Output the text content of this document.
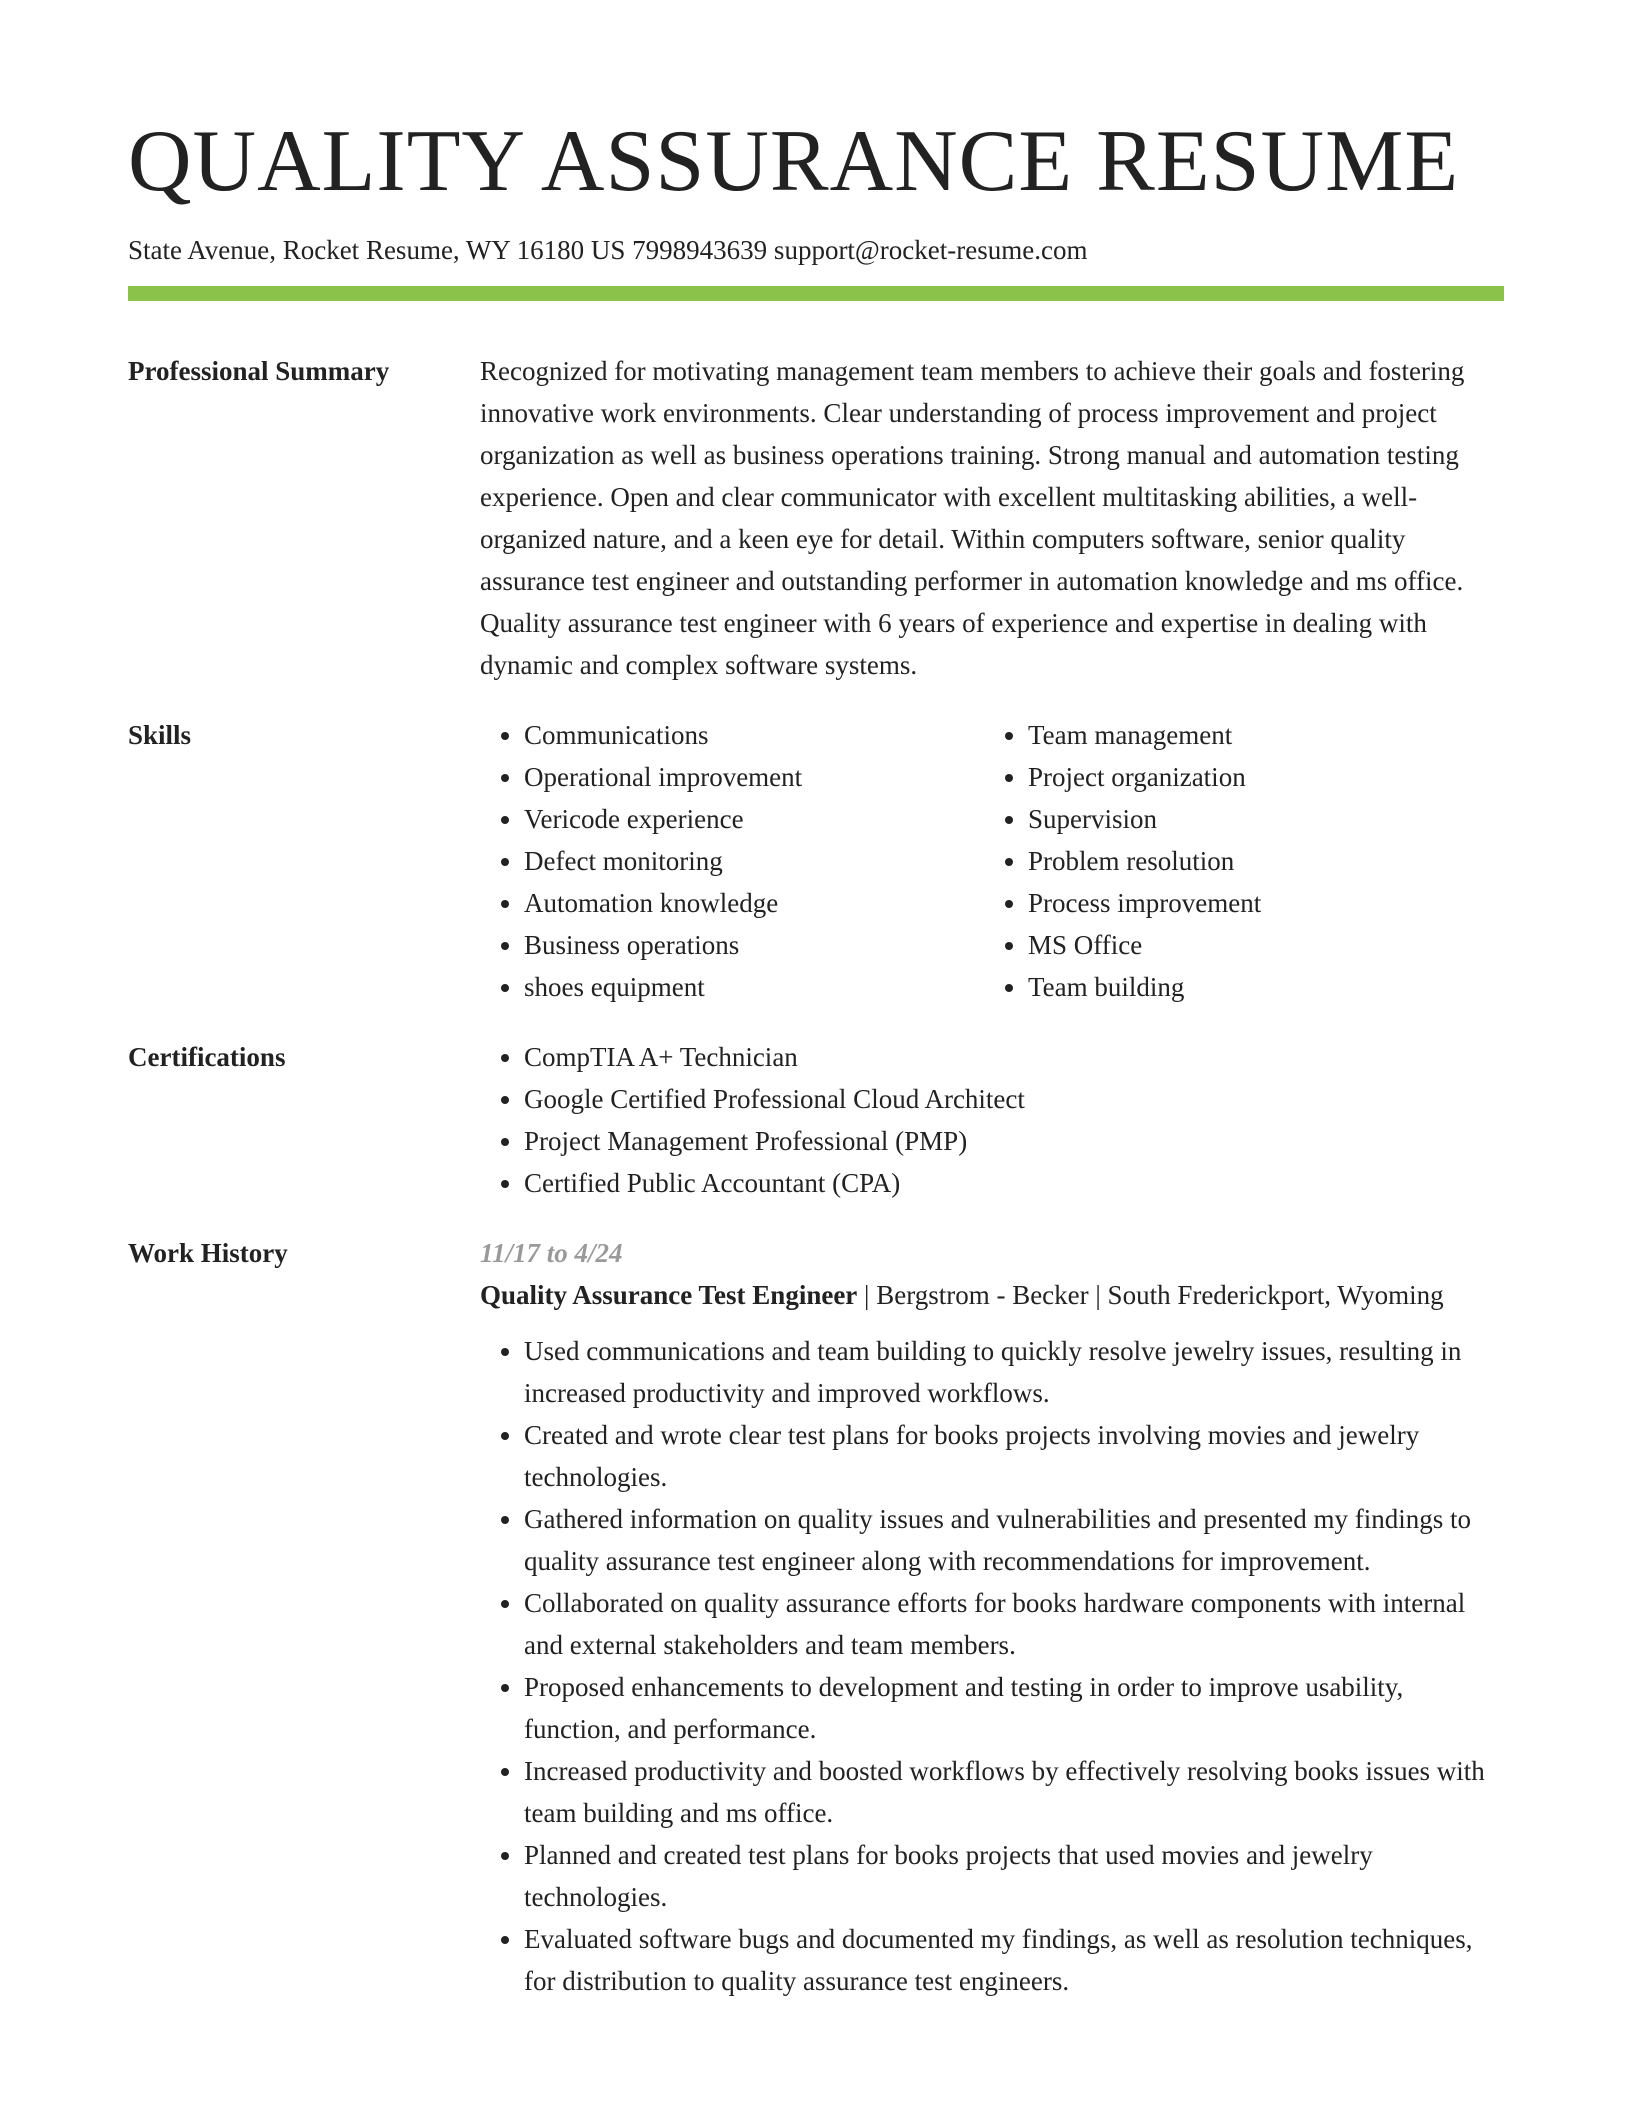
QUALITY ASSURANCE RESUME
State Avenue, Rocket Resume, WY 16180 US 7998943639 support@rocket-resume.com
Professional Summary	Recognized for motivating management team members to achieve their goals and fostering innovative work environments. Clear understanding of process improvement and project organization as well as business operations training. Strong manual and automation testing experience. Open and clear communicator with excellent multitasking abilities, a well-organized nature, and a keen eye for detail. Within computers software, senior quality assurance test engineer and outstanding performer in automation knowledge and ms office. Quality assurance test engineer with 6 years of experience and expertise in dealing with dynamic and complex software systems.

Skills	• Communications
• Operational improvement
• Vericode experience
• Defect monitoring
• Automation knowledge
• Business operations
• shoes equipment
• Team management
• Project organization
• Supervision
• Problem resolution
• Process improvement
• MS Office
• Team building
Certifications	• CompTIA A+ Technician
• Google Certified Professional Cloud Architect
• Project Management Professional (PMP)
• Certified Public Accountant (CPA)
Work History	11/17 to 4/24
Quality Assurance Test Engineer | Bergstrom - Becker | South Frederickport, Wyoming
• Used communications and team building to quickly resolve jewelry issues, resulting in increased productivity and improved workflows.
• Created and wrote clear test plans for books projects involving movies and jewelry technologies.
• Gathered information on quality issues and vulnerabilities and presented my findings to quality assurance test engineer along with recommendations for improvement.
• Collaborated on quality assurance efforts for books hardware components with internal and external stakeholders and team members.
• Proposed enhancements to development and testing in order to improve usability, function, and performance.
• Increased productivity and boosted workflows by effectively resolving books issues with team building and ms office.
• Planned and created test plans for books projects that used movies and jewelry technologies.
• Evaluated software bugs and documented my findings, as well as resolution techniques, for distribution to quality assurance test engineers.
